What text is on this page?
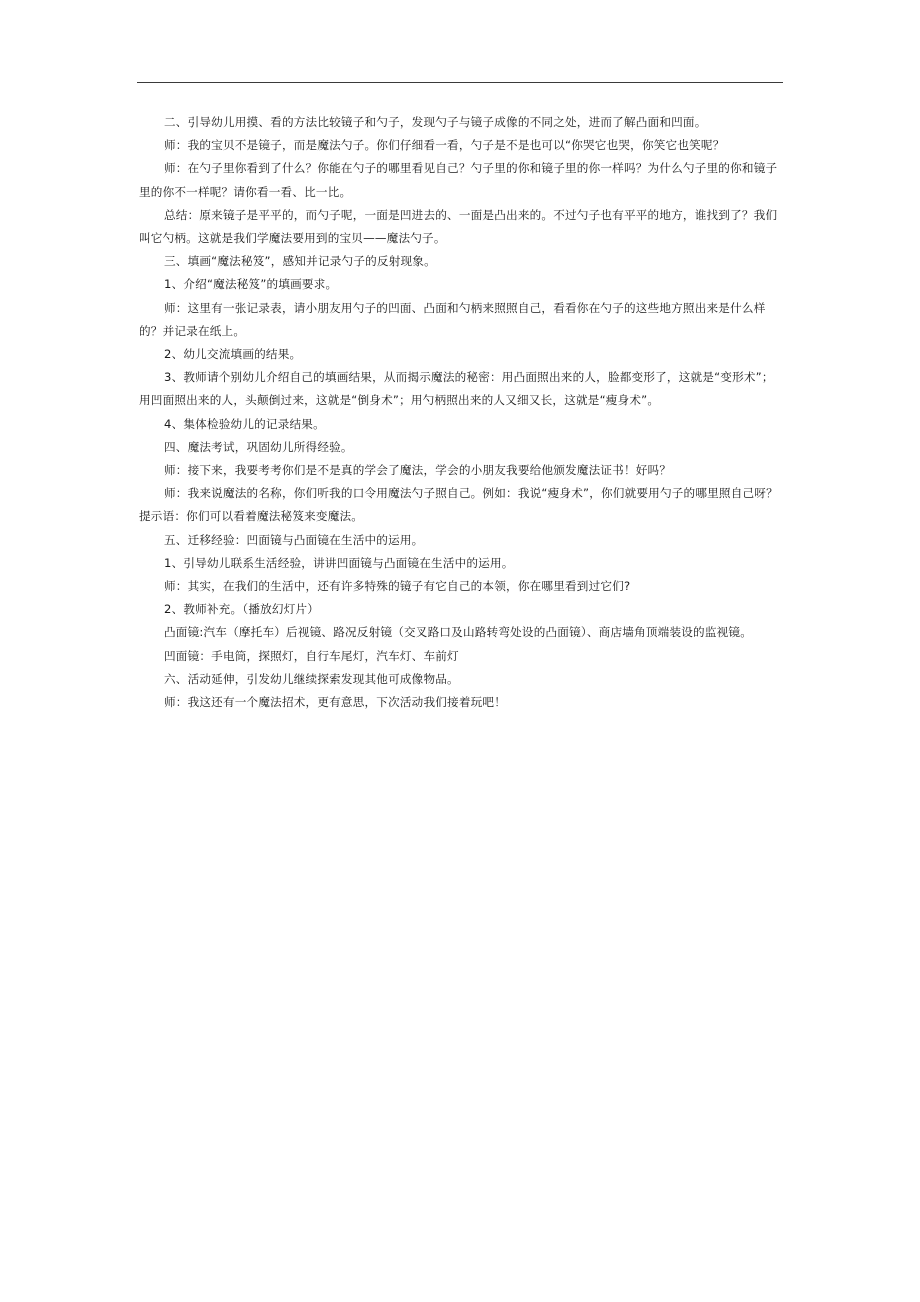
二、引导幼儿用摸、看的方法比较镜子和勺子，发现勺子与镜子成像的不同之处，进而了解凸面和凹面。

师：我的宝贝不是镜子，而是魔法勺子。你们仔细看一看，勺子是不是也可以“你哭它也哭，你笑它也笑呢？

师：在勺子里你看到了什么？你能在勺子的哪里看见自己？勺子里的你和镜子里的你一样吗？为什么勺子里的你和镜子里的你不一样呢？请你看一看、比一比。

总结：原来镜子是平平的，而勺子呢，一面是凹进去的、一面是凸出来的。不过勺子也有平平的地方，谁找到了？我们叫它勺柄。这就是我们学魔法要用到的宝贝——魔法勺子。

三、填画“魔法秘笈”，感知并记录勺子的反射现象。

1、介绍“魔法秘笈”的填画要求。

师：这里有一张记录表，请小朋友用勺子的凹面、凸面和勺柄来照照自己，看看你在勺子的这些地方照出来是什么样的？并记录在纸上。

2、幼儿交流填画的结果。

3、教师请个别幼儿介绍自己的填画结果，从而揭示魔法的秘密：用凸面照出来的人，脸都变形了，这就是“变形术”；用凹面照出来的人，头颠倒过来，这就是“倒身术”；用勺柄照出来的人又细又长，这就是“瘦身术”。

4、集体检验幼儿的记录结果。

四、魔法考试，巩固幼儿所得经验。

师：接下来，我要考考你们是不是真的学会了魔法，学会的小朋友我要给他颁发魔法证书！好吗？

师：我来说魔法的名称，你们听我的口令用魔法勺子照自己。例如：我说“瘦身术”，你们就要用勺子的哪里照自己呀？提示语：你们可以看着魔法秘笈来变魔法。

五、迁移经验：凹面镜与凸面镜在生活中的运用。

1、引导幼儿联系生活经验，讲讲凹面镜与凸面镜在生活中的运用。

师：其实，在我们的生活中，还有许多特殊的镜子有它自己的本领，你在哪里看到过它们?

2、教师补充。（播放幻灯片）

凸面镜:汽车（摩托车）后视镜、路况反射镜（交叉路口及山路转弯处设的凸面镜）、商店墙角顶端装设的监视镜。

凹面镜：手电筒，探照灯，自行车尾灯，汽车灯、车前灯

六、活动延伸，引发幼儿继续探索发现其他可成像物品。

师：我这还有一个魔法招术，更有意思，下次活动我们接着玩吧！
